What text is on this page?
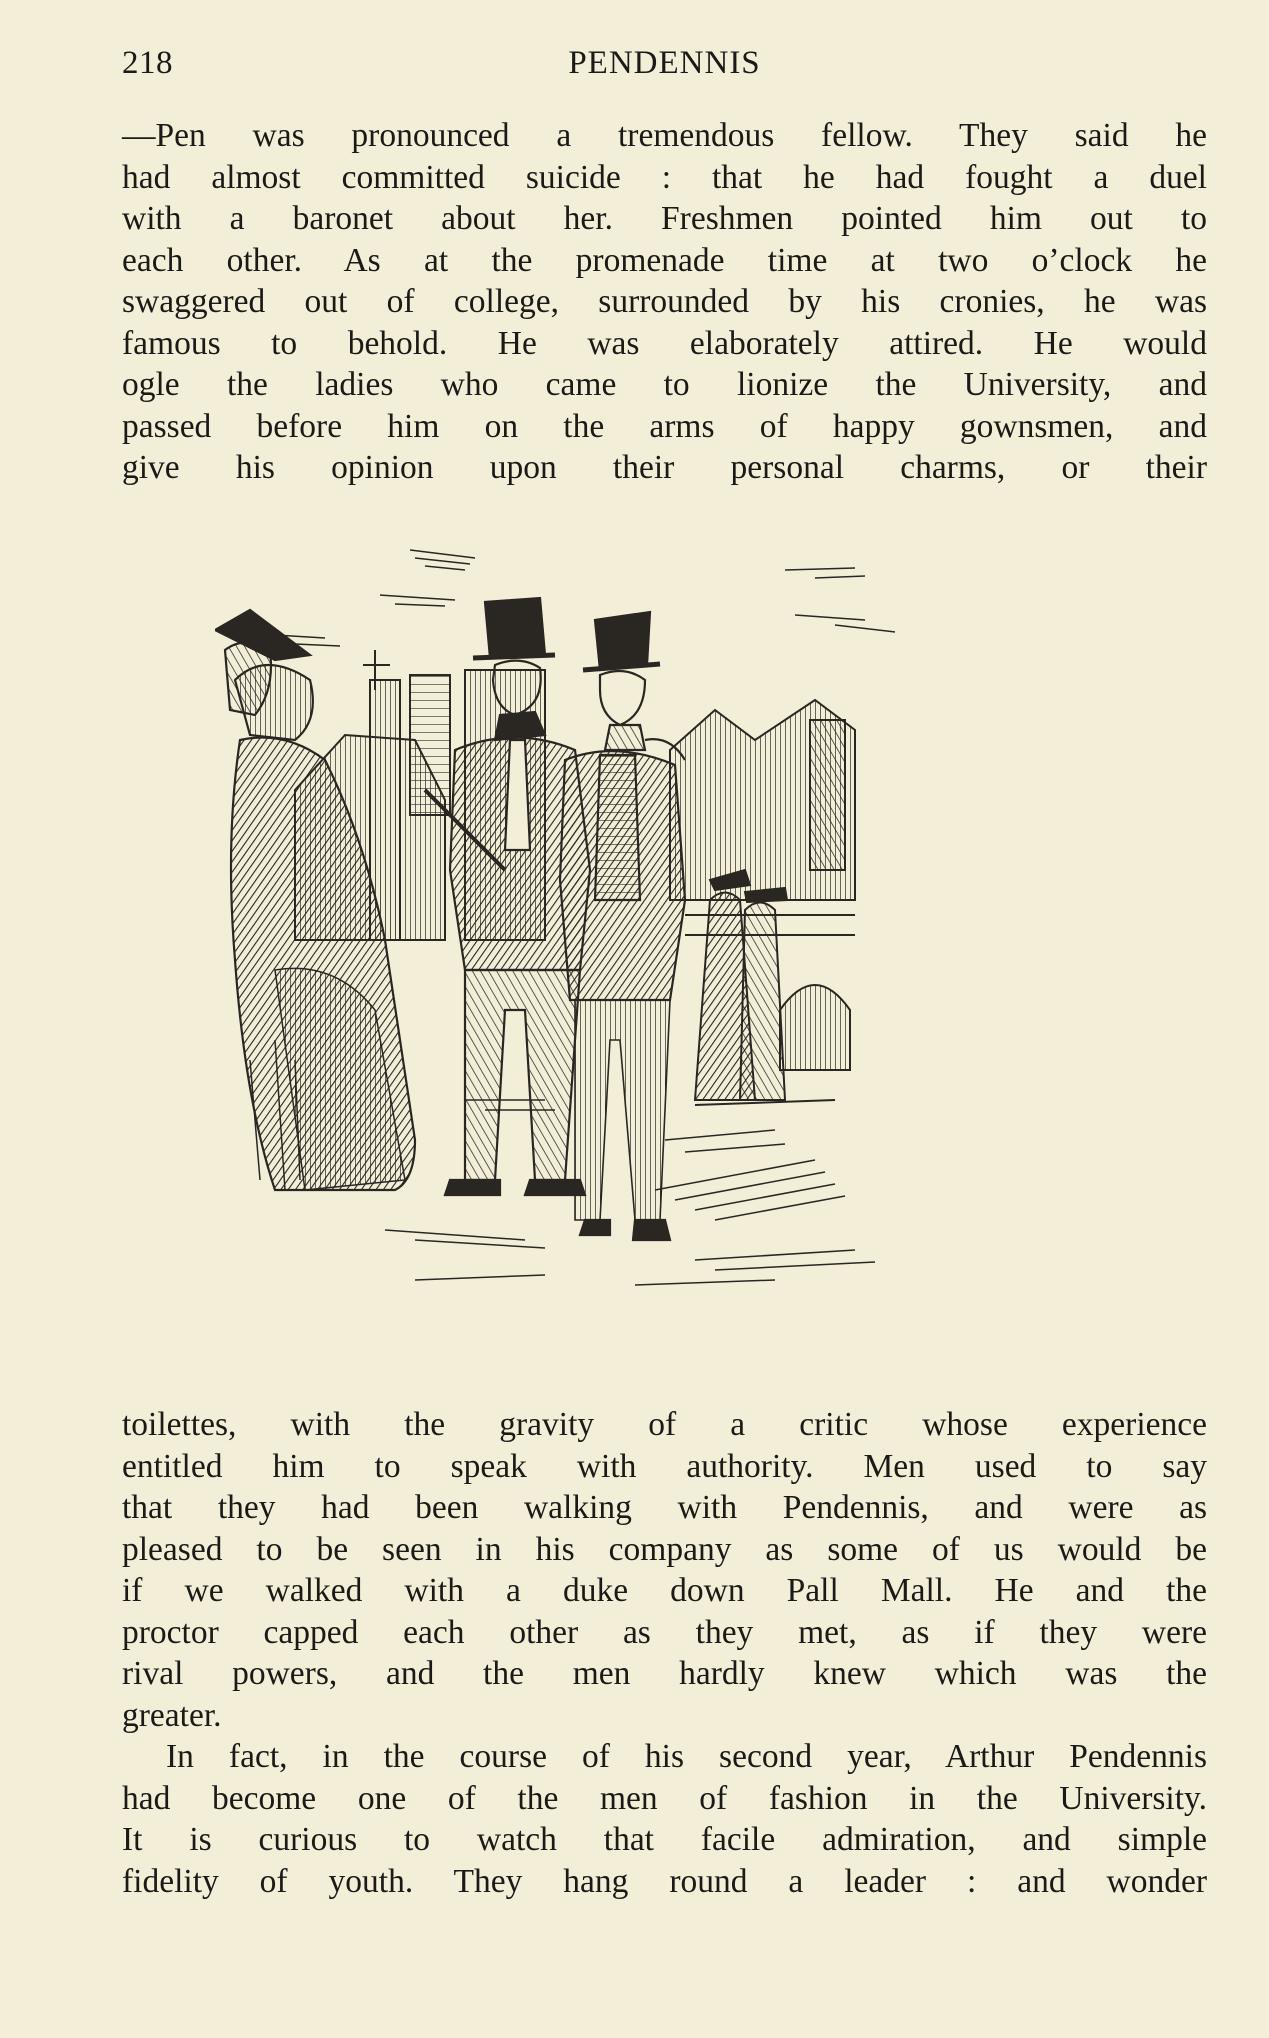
218	PENDENNIS
—Pen was pronounced a tremendous fellow. They said he
had almost committed suicide : that he had fought a duel
with a baronet about her. Freshmen pointed him out to
each other. As at the promenade time at two o’clock he
swaggered out of college, surrounded by his cronies, he was
famous to behold. He was elaborately attired. He would
ogle the ladies who came to lionize the University, and
passed before him on the arms of happy gownsmen, and
give his opinion upon their personal charms, or their
toilettes, with the gravity of a critic whose experience
entitled him to speak with authority. Men used to say
that they had been walking with Pendennis, and were as
pleased to be seen in his company as some of us would be
if we walked with a duke down Pall Mall. He and the
proctor capped each other as they met, as if they were
rival powers, and the men hardly knew which was the
greater.
In fact, in the course of his second year, Arthur Pendennis
had become one of the men of fashion in the University.
It is curious to watch that facile admiration, and simple
fidelity of youth. They hang round a leader : and wonder
